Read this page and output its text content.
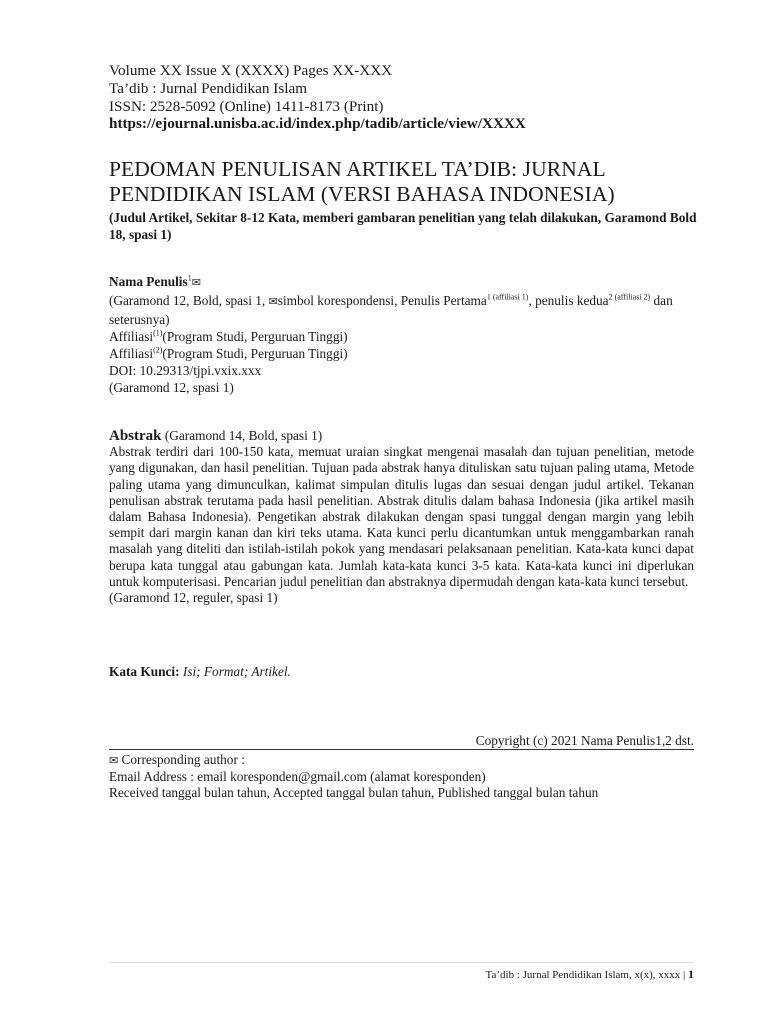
Volume XX Issue X (XXXX) Pages XX-XXX
Ta’dib : Jurnal Pendidikan Islam
ISSN: 2528-5092 (Online) 1411-8173 (Print)
https://ejournal.unisba.ac.id/index.php/tadib/article/view/XXXX
PEDOMAN PENULISAN ARTIKEL TA’DIB: JURNAL
PENDIDIKAN ISLAM (VERSI BAHASA INDONESIA)
(Judul Artikel, Sekitar 8-12 Kata, memberi gambaran penelitian yang telah dilakukan, Garamond Bold 18, spasi 1)
Nama Penulis$^1$✉
(Garamond 12, Bold, spasi 1, ✉simbol korespondensi, Penulis Pertama$^{1 (affiliasi 1)}$, penulis kedua$^{2 (affiliasi 2)}$ dan seterusnya)
Affiliasi$^{(1)}$(Program Studi, Perguruan Tinggi)
Affiliasi$^{(2)}$(Program Studi, Perguruan Tinggi)
DOI: 10.29313/tjpi.vxix.xxx
(Garamond 12, spasi 1)
Abstrak (Garamond 14, Bold, spasi 1)
Abstrak terdiri dari 100-150 kata, memuat uraian singkat mengenai masalah dan tujuan penelitian, metode yang digunakan, dan hasil penelitian. Tujuan pada abstrak hanya dituliskan satu tujuan paling utama, Metode paling utama yang dimunculkan, kalimat simpulan ditulis lugas dan sesuai dengan judul artikel. Tekanan penulisan abstrak terutama pada hasil penelitian. Abstrak ditulis dalam bahasa Indonesia (jika artikel masih dalam Bahasa Indonesia). Pengetikan abstrak dilakukan dengan spasi tunggal dengan margin yang lebih sempit dari margin kanan dan kiri teks utama. Kata kunci perlu dicantumkan untuk menggambarkan ranah masalah yang diteliti dan istilah-istilah pokok yang mendasari pelaksanaan penelitian. Kata-kata kunci dapat berupa kata tunggal atau gabungan kata. Jumlah kata-kata kunci 3-5 kata. Kata-kata kunci ini diperlukan untuk komputerisasi. Pencarian judul penelitian dan abstraknya dipermudah dengan kata-kata kunci tersebut.
(Garamond 12, reguler, spasi 1)
Kata Kunci: Isi; Format; Artikel.
Copyright (c) 2021 Nama Penulis1,2 dst.
✉ Corresponding author :
Email Address : email koresponden@gmail.com (alamat koresponden)
Received tanggal bulan tahun, Accepted tanggal bulan tahun, Published tanggal bulan tahun
Ta’dib : Jurnal Pendidikan Islam, x(x), xxxx | 1
